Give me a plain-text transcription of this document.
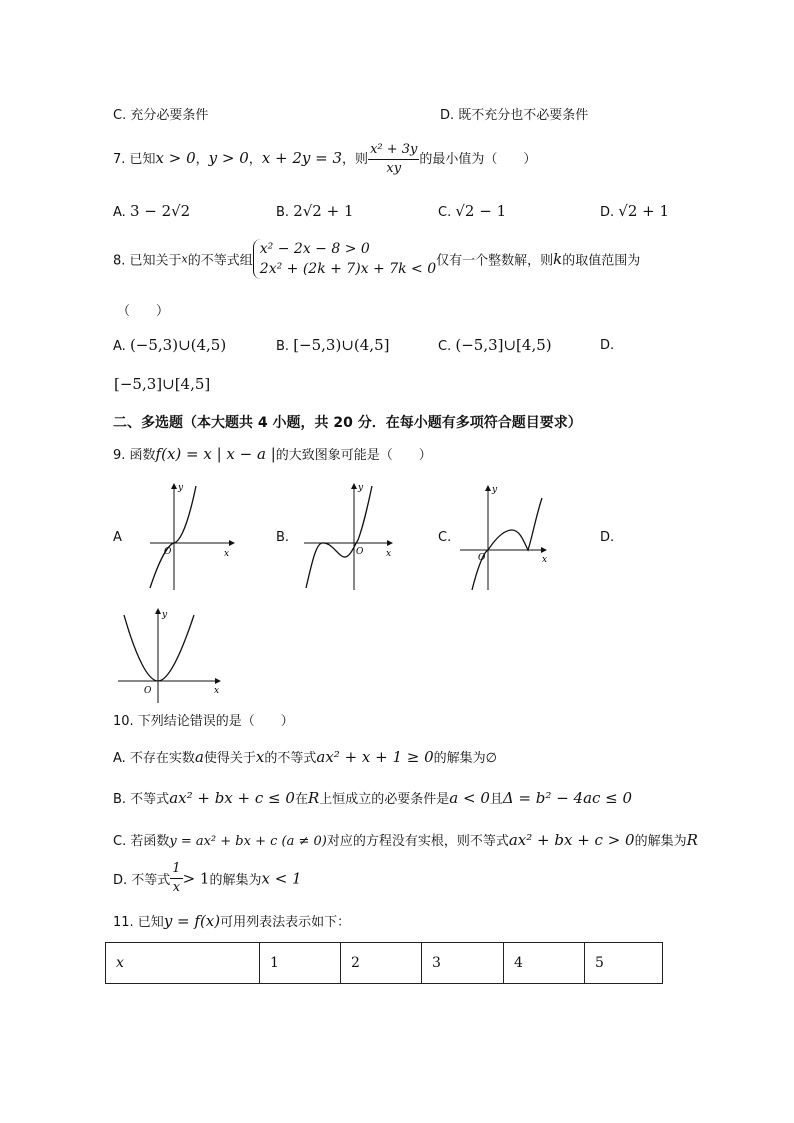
C. 充分必要条件	D. 既不充分也不必要条件
7. 已知x > 0，y > 0，x + 2y = 3，则 $\frac{\text{x² + 3y}}{xy}$ 的最小值为（　　）
A. 3 − 2√2	B. 2√2 + 1	C. √2 − 1	D. √2 + 1
8. 已知关于x的不等式组
x² − 2x − 8 > 0
2x² + (2k + 7)x + 7k < 0 仅有一个整数解，则k的取值范围为
（　　）
A. (−5,3)∪(4,5)	B. [−5,3)∪(4,5]	C. (−5,3]∪[4,5)	D.
[−5,3]∪[4,5]
二、多选题（本大题共 4 小题，共 20 分．在每小题有多项符合题目要求）
9. 函数f(x) = x | x − a |的大致图象可能是（　　）
A	B.	C.	D.
y
O	x
y
O	x
y
O	x
y
O	x
10. 下列结论错误的是（　　）
A. 不存在实数a使得关于x的不等式ax² + x + 1 ≥ 0的解集为∅
B. 不等式ax² + bx + c ≤ 0在R上恒成立的必要条件是a < 0且Δ = b² − 4ac ≤ 0
C. 若函数y = ax² + bx + c (a ≠ 0)对应的方程没有实根，则不等式ax² + bx + c > 0的解集为R
D. 不等式 $\frac{1}{x} > 1$的解集为x < 1
11. 已知y = f(x)可用列表法表示如下：
x	1	2	3	4	5
